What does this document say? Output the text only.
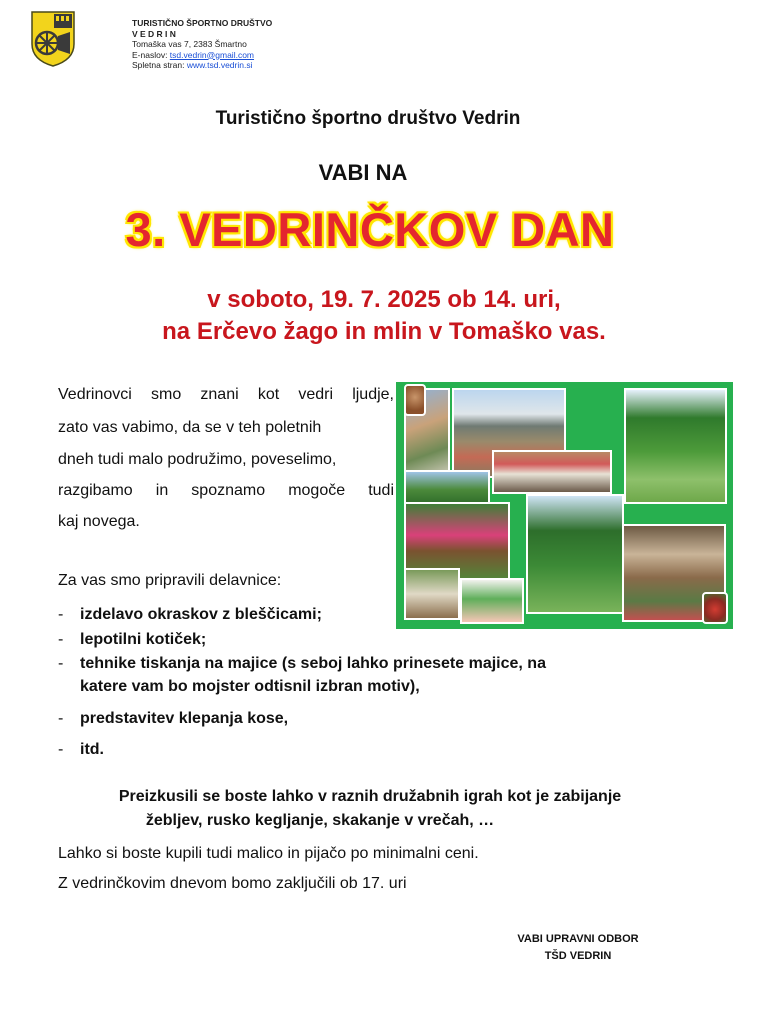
TURISTIČNO ŠPORTNO DRUŠTVO
V E D R I N
Tomaška vas 7, 2383 Šmartno
E-naslov: tsd.vedrin@gmail.com
Spletna stran: www.tsd.vedrin.si
Turistično športno društvo Vedrin
VABI NA
3. VEDRINČKOV DAN
v soboto, 19. 7. 2025 ob 14. uri,
na Erčevo žago in mlin v Tomaško vas.
Vedrinovci smo znani kot vedri ljudje,
zato vas vabimo, da se v teh poletnih
dneh tudi malo podružimo, poveselimo,
razgibamo in spoznamo mogoče tudi
kaj novega.
Za vas smo pripravili delavnice:
- izdelavo okraskov z bleščicami;
- lepotilni kotiček;
- tehnike tiskanja na majice (s seboj lahko prinesete majice, na
katere vam bo mojster odtisnil izbran motiv),
- predstavitev klepanja kose,
- itd.
Preizkusili se boste lahko v raznih družabnih igrah kot je zabijanje
žebljev, rusko kegljanje, skakanje v vrečah, …
Lahko si boste kupili tudi malico in pijačo po minimalni ceni.
Z vedrinčkovim dnevom bomo zaključili ob 17. uri
VABI UPRAVNI ODBOR
TŠD VEDRIN
